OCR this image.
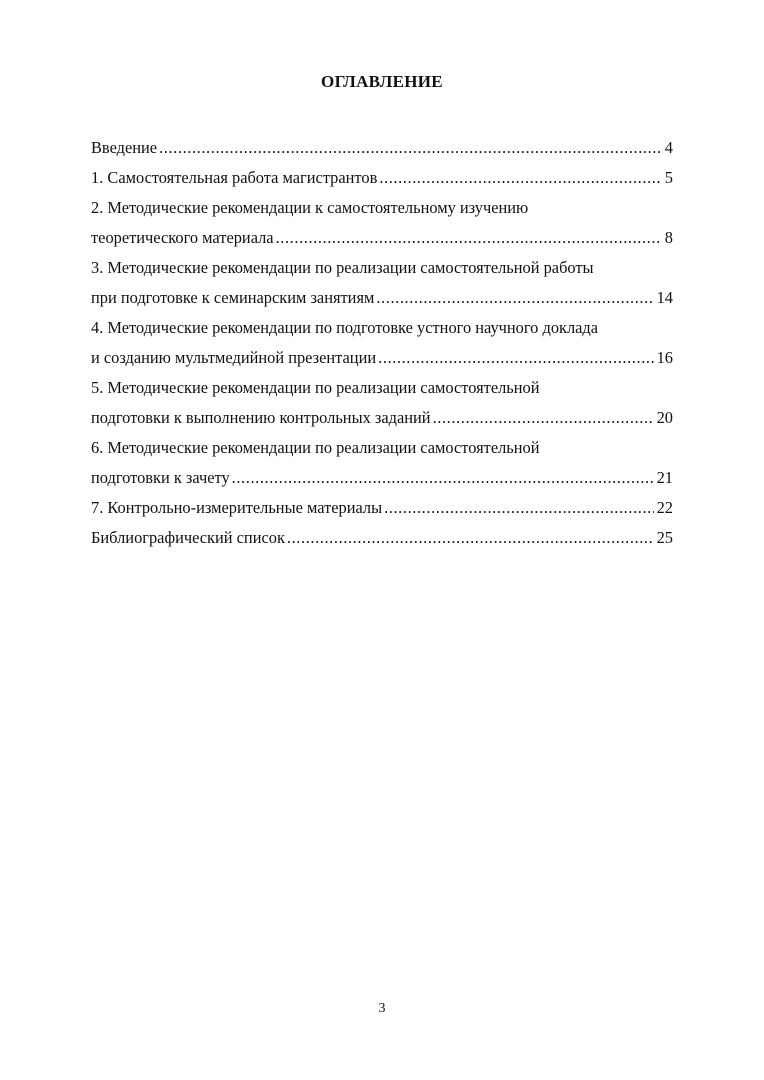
ОГЛАВЛЕНИЕ
Введение .....	4
1. Самостоятельная работа магистрантов .....	5
2. Методические рекомендации к самостоятельному изучению
теоретического материала .....	8
3. Методические рекомендации по реализации самостоятельной работы
при подготовке к семинарским занятиям .....	14
4. Методические рекомендации по подготовке устного научного доклада
и созданию мультмедийной презентации .....	16
5. Методические рекомендации по реализации самостоятельной
подготовки к выполнению контрольных заданий .....	20
6. Методические рекомендации по реализации самостоятельной
подготовки к зачету .....	21
7. Контрольно-измерительные материалы .....	22
Библиографический список .....	25
3
